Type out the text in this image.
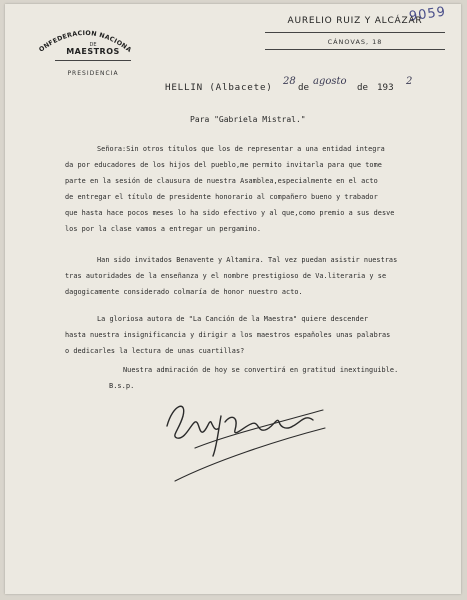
9059
ONFEDERACION NACIONA
DE
MAESTROS
PRESIDENCIA
AURELIO RUIZ Y ALCÁZAR
CÁNOVAS, 18
HELLIN (Albacete)
28
de
agosto
de 193
2
Para "Gabriela Mistral."
Señora:Sin otros títulos que los de representar a una entidad integra
da por educadores de los hijos del pueblo,me permito invitarla para que tome
parte en la sesión de clausura de nuestra Asamblea,especialmente en el acto
de entregar el título de presidente honorario al compañero bueno y trabador
que hasta hace pocos meses lo ha sido efectivo y al que,como premio a sus desve
los por la clase vamos a entregar un pergamino.
Han sido invitados Benavente y Altamira. Tal vez puedan asistir nuestras
tras autoridades de la enseñanza y el nombre prestigioso de Va.literaria y se
dagogicamente considerado colmaría de honor nuestro acto.
La gloriosa autora de "La Canción de la Maestra" quiere descender
hasta nuestra insignificancia y dirigir a los maestros españoles unas palabras
o dedicarles la lectura de unas cuartillas?
Nuestra admiración de hoy se convertirá en gratitud inextinguible.
B.s.p.
